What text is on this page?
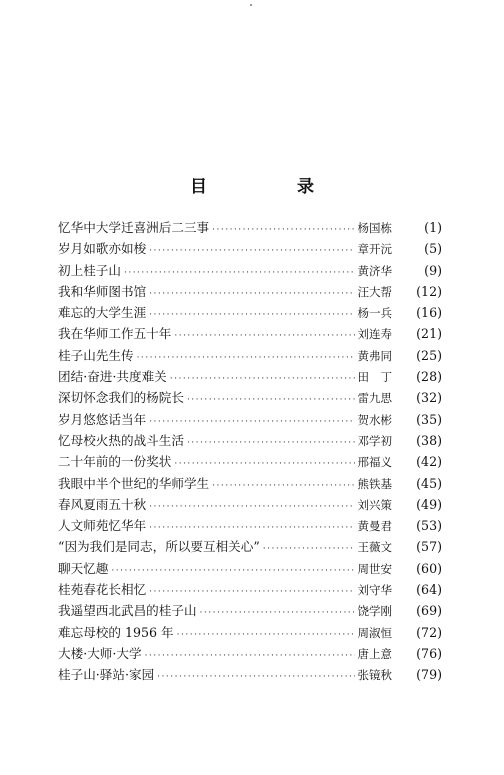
目 录
忆华中大学迁喜洲后二三事 ·····	杨国栋	(1)
岁月如歌亦如梭 ·····	章开沅	(5)
初上桂子山 ·····	黄济华	(9)
我和华师图书馆 ·····	汪大帮	(12)
难忘的大学生涯 ·····	杨一兵	(16)
我在华师工作五十年 ·····	刘连寿	(21)
桂子山先生传 ·····	黄弗同	(25)
团结·奋进·共度难关 ·····	田　丁	(28)
深切怀念我们的杨院长 ·····	雷九思	(32)
岁月悠悠话当年 ·····	贺水彬	(35)
忆母校火热的战斗生活 ·····	邓学初	(38)
二十年前的一份奖状 ·····	邢福义	(42)
我眼中半个世纪的华师学生 ·····	熊铁基	(45)
春风夏雨五十秋 ·····	刘兴策	(49)
人文师苑忆华年 ·····	黄曼君	(53)
“因为我们是同志，所以要互相关心” ·····	王薇文	(57)
聊天忆趣 ·····	周世安	(60)
桂苑春花长相忆 ·····	刘守华	(64)
我遥望西北武昌的桂子山 ·····	饶学刚	(69)
难忘母校的 1956 年 ·····	周淑恒	(72)
大楼·大师·大学 ·····	唐上意	(76)
桂子山·驿站·家园 ·····	张镜秋	(79)
